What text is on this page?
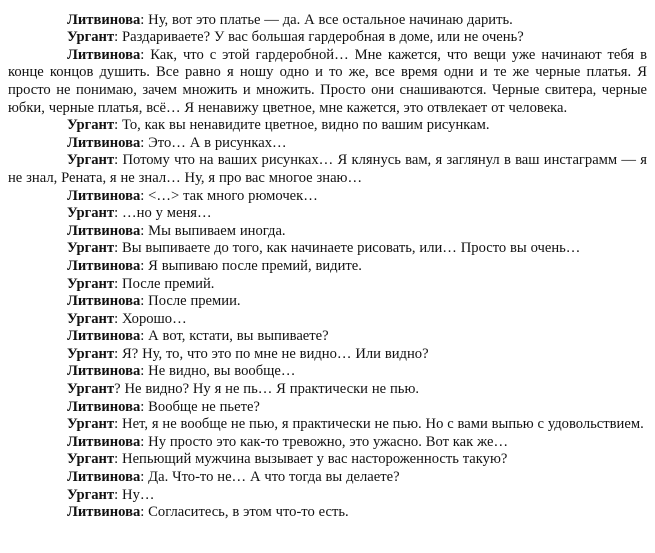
Литвинова: Ну, вот это платье — да. А все остальное начинаю дарить.

Ургант: Раздариваете? У вас большая гардеробная в доме, или не очень?

Литвинова: Как, что с этой гардеробной… Мне кажется, что вещи уже начинают тебя в конце концов душить. Все равно я ношу одно и то же, все время одни и те же черные платья. Я просто не понимаю, зачем множить и множить. Просто они снашиваются. Черные свитера, черные юбки, черные платья, всё… Я ненавижу цветное, мне кажется, это отвлекает от человека.

Ургант: То, как вы ненавидите цветное, видно по вашим рисункам.

Литвинова: Это… А в рисунках…

Ургант: Потому что на ваших рисунках… Я клянусь вам, я заглянул в ваш инстаграмм — я не знал, Рената, я не знал… Ну, я про вас многое знаю…

Литвинова: <…> так много рюмочек…

Ургант: …но у меня…

Литвинова: Мы выпиваем иногда.

Ургант: Вы выпиваете до того, как начинаете рисовать, или… Просто вы очень…

Литвинова: Я выпиваю после премий, видите.

Ургант: После премий.

Литвинова: После премии.

Ургант: Хорошо…

Литвинова: А вот, кстати, вы выпиваете?

Ургант: Я? Ну, то, что это по мне не видно… Или видно?

Литвинова: Не видно, вы вообще…

Ургант? Не видно? Ну я не пь… Я практически не пью.

Литвинова: Вообще не пьете?

Ургант: Нет, я не вообще не пью, я практически не пью. Но с вами выпью с удовольствием.

Литвинова: Ну просто это как-то тревожно, это ужасно. Вот как же…

Ургант: Непьющий мужчина вызывает у вас настороженность такую?

Литвинова: Да. Что-то не… А что тогда вы делаете?

Ургант: Ну…

Литвинова: Согласитесь, в этом что-то есть.
